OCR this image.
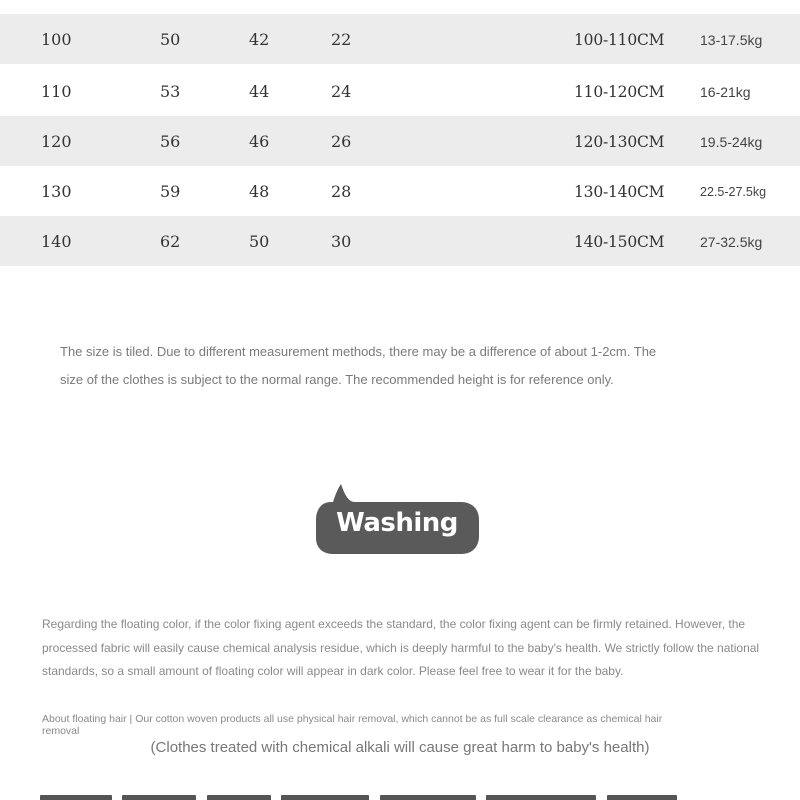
100	50	42	22	100-110CM	13-17.5kg
110	53	44	24	110-120CM	16-21kg
120	56	46	26	120-130CM	19.5-24kg
130	59	48	28	130-140CM	22.5-27.5kg
140	62	50	30	140-150CM	27-32.5kg
The size is tiled. Due to different measurement methods, there may be a difference of about 1-2cm. The
size of the clothes is subject to the normal range. The recommended height is for reference only.
Washing
Regarding the floating color, if the color fixing agent exceeds the standard, the color fixing agent can be firmly retained. However, the processed fabric will easily cause chemical analysis residue, which is deeply harmful to the baby's health. We strictly follow the national standards, so a small amount of floating color will appear in dark color. Please feel free to wear it for the baby.
About floating hair | Our cotton woven products all use physical hair removal, which cannot be as full scale clearance as chemical hair removal
(Clothes treated with chemical alkali will cause great harm to baby's health)
